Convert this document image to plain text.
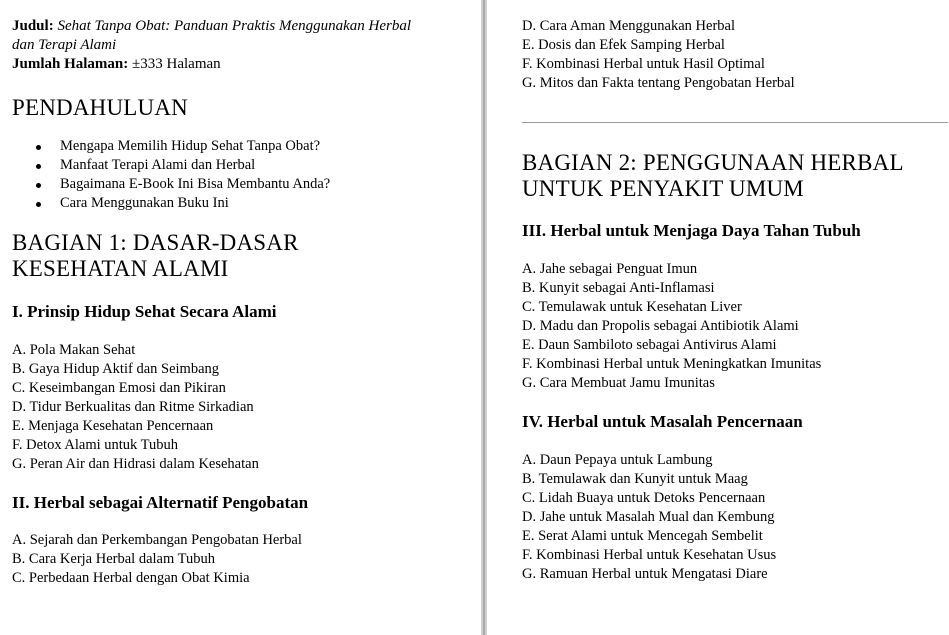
Judul: Sehat Tanpa Obat: Panduan Praktis Menggunakan Herbal
dan Terapi Alami
Jumlah Halaman: ±333 Halaman
PENDAHULUAN
Mengapa Memilih Hidup Sehat Tanpa Obat?
Manfaat Terapi Alami dan Herbal
Bagaimana E-Book Ini Bisa Membantu Anda?
Cara Menggunakan Buku Ini
BAGIAN 1: DASAR-DASAR
KESEHATAN ALAMI
I. Prinsip Hidup Sehat Secara Alami
A. Pola Makan Sehat
B. Gaya Hidup Aktif dan Seimbang
C. Keseimbangan Emosi dan Pikiran
D. Tidur Berkualitas dan Ritme Sirkadian
E. Menjaga Kesehatan Pencernaan
F. Detox Alami untuk Tubuh
G. Peran Air dan Hidrasi dalam Kesehatan
II. Herbal sebagai Alternatif Pengobatan
A. Sejarah dan Perkembangan Pengobatan Herbal
B. Cara Kerja Herbal dalam Tubuh
C. Perbedaan Herbal dengan Obat Kimia
D. Cara Aman Menggunakan Herbal
E. Dosis dan Efek Samping Herbal
F. Kombinasi Herbal untuk Hasil Optimal
G. Mitos dan Fakta tentang Pengobatan Herbal
BAGIAN 2: PENGGUNAAN HERBAL
UNTUK PENYAKIT UMUM
III. Herbal untuk Menjaga Daya Tahan Tubuh
A. Jahe sebagai Penguat Imun
B. Kunyit sebagai Anti-Inflamasi
C. Temulawak untuk Kesehatan Liver
D. Madu dan Propolis sebagai Antibiotik Alami
E. Daun Sambiloto sebagai Antivirus Alami
F. Kombinasi Herbal untuk Meningkatkan Imunitas
G. Cara Membuat Jamu Imunitas
IV. Herbal untuk Masalah Pencernaan
A. Daun Pepaya untuk Lambung
B. Temulawak dan Kunyit untuk Maag
C. Lidah Buaya untuk Detoks Pencernaan
D. Jahe untuk Masalah Mual dan Kembung
E. Serat Alami untuk Mencegah Sembelit
F. Kombinasi Herbal untuk Kesehatan Usus
G. Ramuan Herbal untuk Mengatasi Diare
